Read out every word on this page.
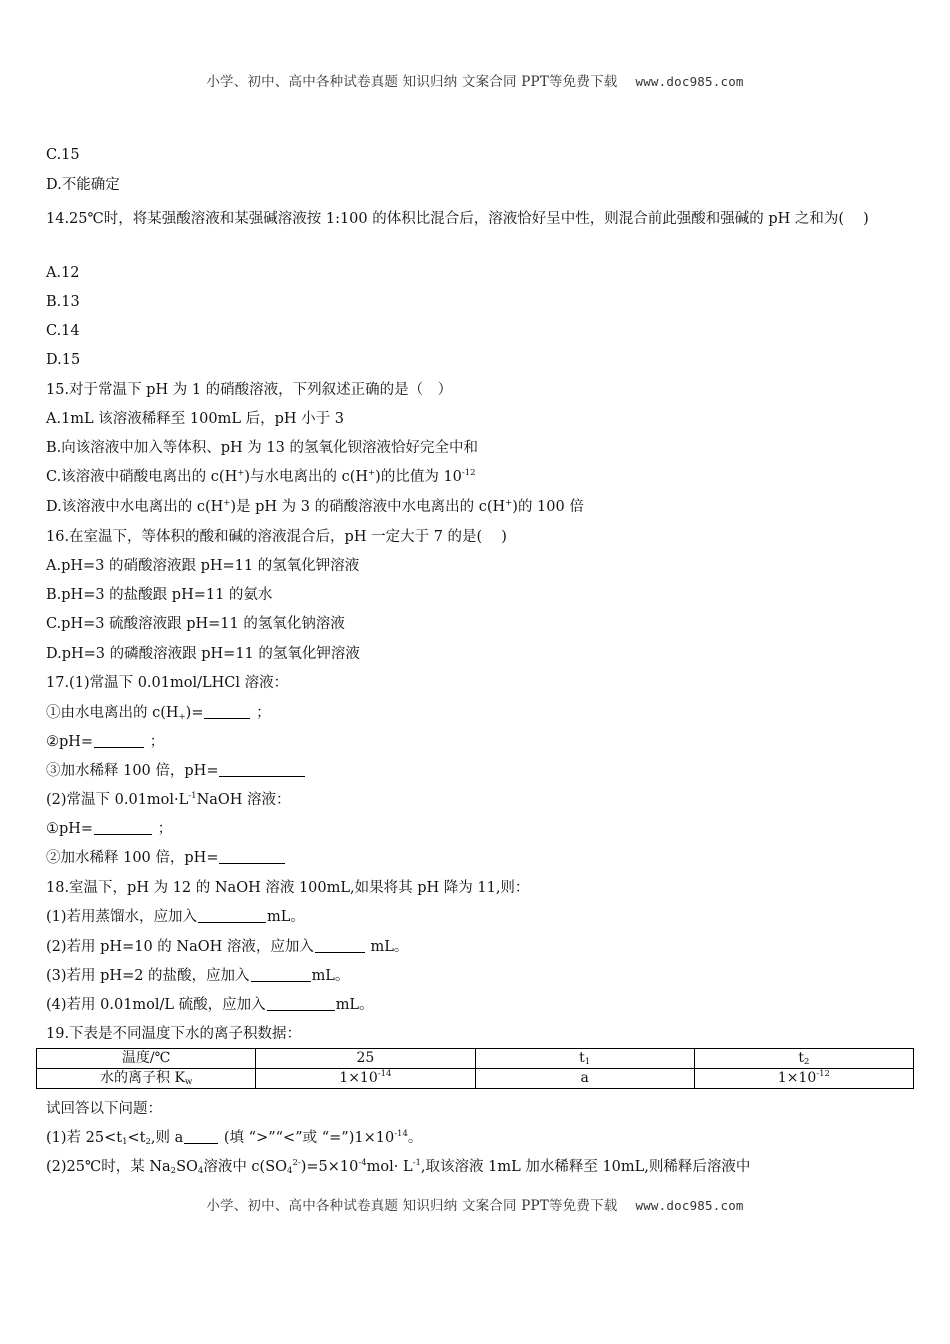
小学、初中、高中各种试卷真题 知识归纳 文案合同 PPT等免费下载 www.doc985.com
C.15
D.不能确定
14.25℃时，将某强酸溶液和某强碱溶液按 1:100 的体积比混合后，溶液恰好呈中性，则混合前此强酸和强碱的 pH 之和为(　 )
A.12
B.13
C.14
D.15
15.对于常温下 pH 为 1 的硝酸溶液，下列叙述正确的是（　）
A.1mL 该溶液稀释至 100mL 后，pH 小于 3
B.向该溶液中加入等体积、pH 为 13 的氢氧化钡溶液恰好完全中和
C.该溶液中硝酸电离出的 c(H+)与水电离出的 c(H+)的比值为 $10^{-12}$
D.该溶液中水电离出的 c(H+)是 pH 为 3 的硝酸溶液中水电离出的 c(H+)的 100 倍
16.在室温下，等体积的酸和碱的溶液混合后，pH 一定大于 7 的是(　 )
A.pH=3 的硝酸溶液跟 pH=11 的氢氧化钾溶液
B.pH=3 的盐酸跟 pH=11 的氨水
C.pH=3 硫酸溶液跟 pH=11 的氢氧化钠溶液
D.pH=3 的磷酸溶液跟 pH=11 的氢氧化钾溶液
17.(1)常温下 0.01mol/LHCl 溶液：
①由水电离出的 $c(H_+)=$	；
②pH=	；
③加水稀释 100 倍，pH=
(2)常温下 $0.01mol\cdot L^{-1}NaOH$ 溶液：
①pH=	；
②加水稀释 100 倍，pH=
18.室温下，pH 为 12 的 NaOH 溶液 100mL,如果将其 pH 降为 11,则：
(1)若用蒸馏水，应加入	mL。
(2)若用 pH=10 的 NaOH 溶液，应加入	mL。
(3)若用 pH=2 的盐酸，应加入	mL。
(4)若用 0.01mol/L 硫酸，应加入	mL。
19.下表是不同温度下水的离子积数据：
温度/℃	25	$t_1$	$t_2$
水的离子积 $K_w$	$1\times 10^{-14}$	a	$1\times 10^{-12}$
试回答以下问题：
(1)若 $25<t_1<t_2$,则 a (填 “>”“<”或 “$=”)1\times 10^{-14}$。
(2)25℃时，某 $Na_2SO_4$溶液中 $c(SO_4^{2-})=5\times 10^{-4}mol\cdot L^{-1}$,取该溶液 1mL 加水稀释至 10mL,则稀释后溶液中
小学、初中、高中各种试卷真题 知识归纳 文案合同 PPT等免费下载 www.doc985.com
